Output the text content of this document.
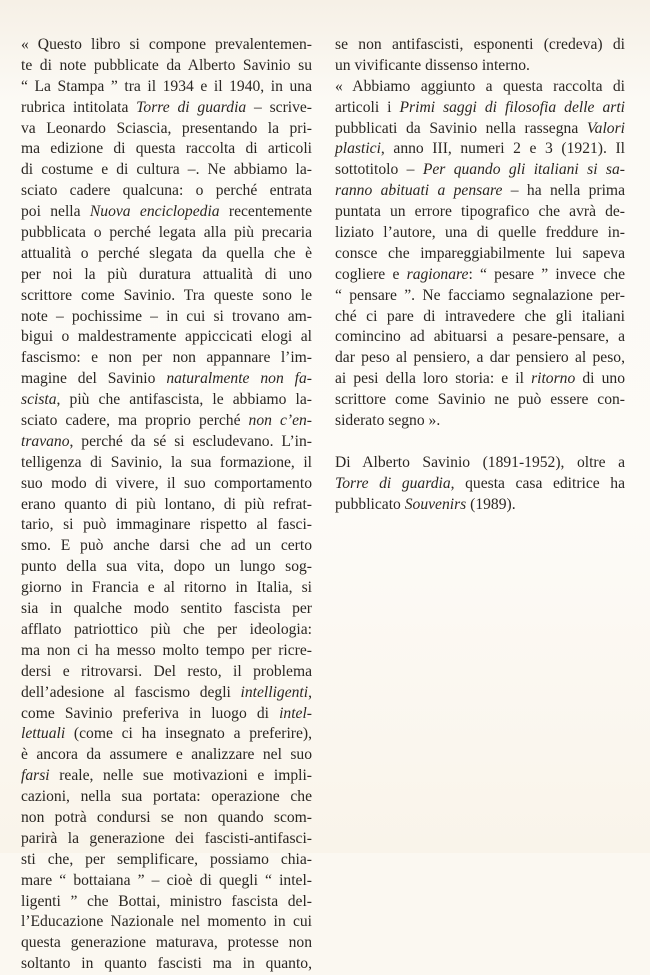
« Questo libro si compone prevalentemen-
te di note pubblicate da Alberto Savinio su
“ La Stampa ” tra il 1934 e il 1940, in una
rubrica intitolata Torre di guardia – scrive-
va Leonardo Sciascia, presentando la pri-
ma edizione di questa raccolta di articoli
di costume e di cultura –. Ne abbiamo la-
sciato cadere qualcuna: o perché entrata
poi nella Nuova enciclopedia recentemente
pubblicata o perché legata alla più precaria
attualità o perché slegata da quella che è
per noi la più duratura attualità di uno
scrittore come Savinio. Tra queste sono le
note – pochissime – in cui si trovano am-
bigui o maldestramente appiccicati elogi al
fascismo: e non per non appannare l’im-
magine del Savinio naturalmente non fa-
scista, più che antifascista, le abbiamo la-
sciato cadere, ma proprio perché non c’en-
travano, perché da sé si escludevano. L’in-
telligenza di Savinio, la sua formazione, il
suo modo di vivere, il suo comportamento
erano quanto di più lontano, di più refrat-
tario, si può immaginare rispetto al fasci-
smo. E può anche darsi che ad un certo
punto della sua vita, dopo un lungo sog-
giorno in Francia e al ritorno in Italia, si
sia in qualche modo sentito fascista per
afflato patriottico più che per ideologia:
ma non ci ha messo molto tempo per ricre-
dersi e ritrovarsi. Del resto, il problema
dell’adesione al fascismo degli intelligenti,
come Savinio preferiva in luogo di intel-
lettuali (come ci ha insegnato a preferire),
è ancora da assumere e analizzare nel suo
farsi reale, nelle sue motivazioni e impli-
cazioni, nella sua portata: operazione che
non potrà condursi se non quando scom-
parirà la generazione dei fascisti-antifasci-
sti che, per semplificare, possiamo chia-
mare “ bottaiana ” – cioè di quegli “ intel-
ligenti ” che Bottai, ministro fascista del-
l’Educazione Nazionale nel momento in cui
questa generazione maturava, protesse non
soltanto in quanto fascisti ma in quanto,
se non antifascisti, esponenti (credeva) di
un vivificante dissenso interno.
« Abbiamo aggiunto a questa raccolta di
articoli i Primi saggi di filosofia delle arti
pubblicati da Savinio nella rassegna Valori
plastici, anno III, numeri 2 e 3 (1921). Il
sottotitolo – Per quando gli italiani si sa-
ranno abituati a pensare – ha nella prima
puntata un errore tipografico che avrà de-
liziato l’autore, una di quelle freddure in-
consce che impareggiabilmente lui sapeva
cogliere e ragionare: “ pesare ” invece che
“ pensare ”. Ne facciamo segnalazione per-
ché ci pare di intravedere che gli italiani
comincino ad abituarsi a pesare-pensare, a
dar peso al pensiero, a dar pensiero al peso,
ai pesi della loro storia: e il ritorno di uno
scrittore come Savinio ne può essere con-
siderato segno ».
Di Alberto Savinio (1891-1952), oltre a
Torre di guardia, questa casa editrice ha
pubblicato Souvenirs (1989).
